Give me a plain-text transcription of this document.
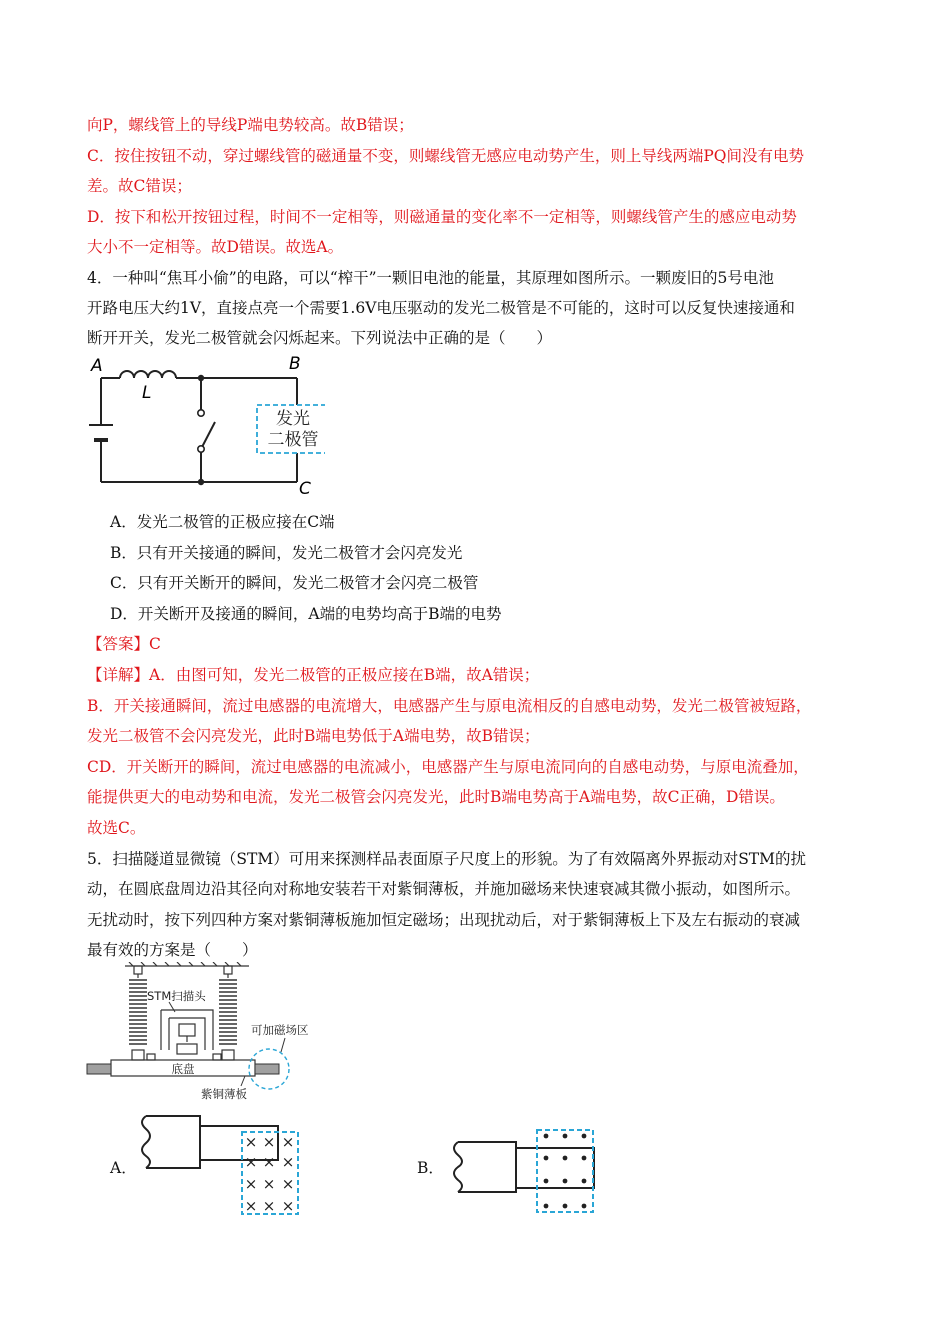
向P，螺线管上的导线P端电势较高。故B错误；
C．按住按钮不动，穿过螺线管的磁通量不变，则螺线管无感应电动势产生，则上导线两端PQ间没有电势
差。故C错误；
D．按下和松开按钮过程，时间不一定相等，则磁通量的变化率不一定相等，则螺线管产生的感应电动势
大小不一定相等。故D错误。故选A。
4．一种叫“焦耳小偷”的电路，可以“榨干”一颗旧电池的能量，其原理如图所示。一颗废旧的5号电池
开路电压大约1V，直接点亮一个需要1.6V电压驱动的发光二极管是不可能的，这时可以反复快速接通和
断开开关，发光二极管就会闪烁起来。下列说法中正确的是（　　）
发光
二极管
A
L
B
C
A．发光二极管的正极应接在C端
B．只有开关接通的瞬间，发光二极管才会闪亮发光
C．只有开关断开的瞬间，发光二极管才会闪亮二极管
D．开关断开及接通的瞬间，A端的电势均高于B端的电势
【答案】C
【详解】A．由图可知，发光二极管的正极应接在B端，故A错误；
B．开关接通瞬间，流过电感器的电流增大，电感器产生与原电流相反的自感电动势，发光二极管被短路，
发光二极管不会闪亮发光，此时B端电势低于A端电势，故B错误；
CD．开关断开的瞬间，流过电感器的电流减小，电感器产生与原电流同向的自感电动势，与原电流叠加，
能提供更大的电动势和电流，发光二极管会闪亮发光，此时B端电势高于A端电势，故C正确，D错误。
故选C。
5．扫描隧道显微镜（STM）可用来探测样品表面原子尺度上的形貌。为了有效隔离外界振动对STM的扰
动，在圆底盘周边沿其径向对称地安装若干对紫铜薄板，并施加磁场来快速衰减其微小振动，如图所示。
无扰动时，按下列四种方案对紫铜薄板施加恒定磁场；出现扰动后，对于紫铜薄板上下及左右振动的衰减
最有效的方案是（　　）
STM扫描头
可加磁场区
底盘
紫铜薄板
A．
× × ×
× × ×
× × ×
× × ×
B．
